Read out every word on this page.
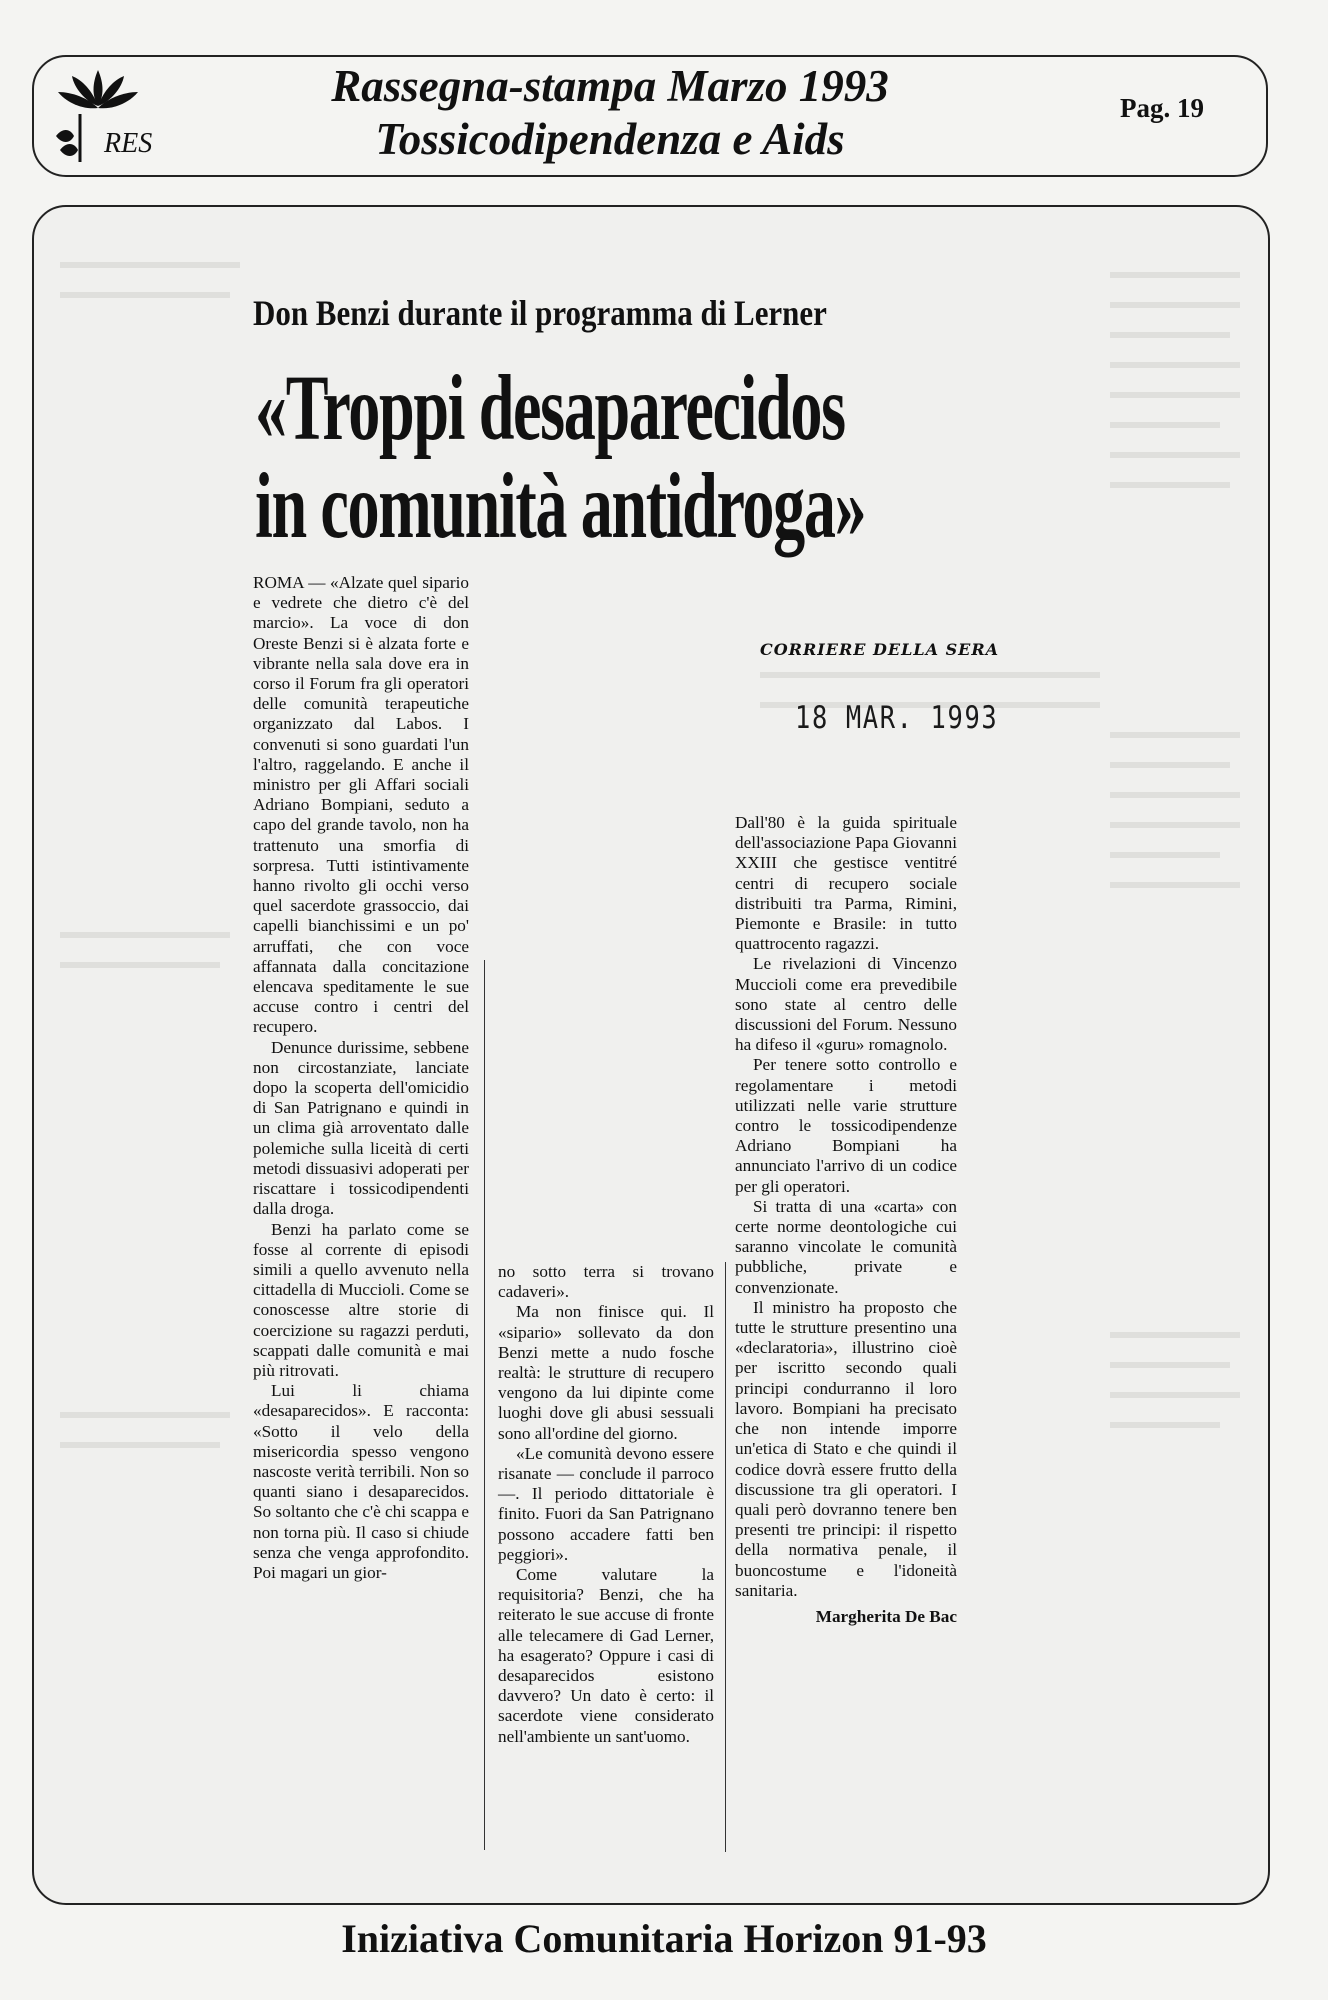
RES
Rassegna-stampa Marzo 1993
Tossicodipendenza e Aids
Pag. 19
Don Benzi durante il programma di Lerner
«Troppi desaparecidos
in comunità antidroga»
CORRIERE DELLA SERA
18 MAR. 1993

ROMA — «Alzate quel sipario e vedrete che dietro c'è del marcio». La voce di don Oreste Benzi si è alzata forte e vibrante nella sala dove era in corso il Forum fra gli operatori delle comunità terapeutiche organizzato dal Labos. I convenuti si sono guardati l'un l'altro, raggelando. E anche il ministro per gli Affari sociali Adriano Bompiani, seduto a capo del grande tavolo, non ha trattenuto una smorfia di sorpresa. Tutti istintivamente hanno rivolto gli occhi verso quel sacerdote grassoccio, dai capelli bianchissimi e un po' arruffati, che con voce affannata dalla concitazione elencava speditamente le sue accuse contro i centri del recupero.

Denunce durissime, sebbene non circostanziate, lanciate dopo la scoperta dell'omicidio di San Patrignano e quindi in un clima già arroventato dalle polemiche sulla liceità di certi metodi dissuasivi adoperati per riscattare i tossicodipendenti dalla droga.

Benzi ha parlato come se fosse al corrente di episodi simili a quello avvenuto nella cittadella di Muccioli. Come se conoscesse altre storie di coercizione su ragazzi perduti, scappati dalle comunità e mai più ritrovati.

Lui li chiama «desaparecidos». E racconta: «Sotto il velo della misericordia spesso vengono nascoste verità terribili. Non so quanti siano i desaparecidos. So soltanto che c'è chi scappa e non torna più. Il caso si chiude senza che venga approfondito. Poi magari un gior-

no sotto terra si trovano cadaveri».

Ma non finisce qui. Il «sipario» sollevato da don Benzi mette a nudo fosche realtà: le strutture di recupero vengono da lui dipinte come luoghi dove gli abusi sessuali sono all'ordine del giorno.

«Le comunità devono essere risanate — conclude il parroco —. Il periodo dittatoriale è finito. Fuori da San Patrignano possono accadere fatti ben peggiori».

Come valutare la requisitoria? Benzi, che ha reiterato le sue accuse di fronte alle telecamere di Gad Lerner, ha esagerato? Oppure i casi di desaparecidos esistono davvero? Un dato è certo: il sacerdote viene considerato nell'ambiente un sant'uomo.

Dall'80 è la guida spirituale dell'associazione Papa Giovanni XXIII che gestisce ventitré centri di recupero sociale distribuiti tra Parma, Rimini, Piemonte e Brasile: in tutto quattrocento ragazzi.

Le rivelazioni di Vincenzo Muccioli come era prevedibile sono state al centro delle discussioni del Forum. Nessuno ha difeso il «guru» romagnolo.

Per tenere sotto controllo e regolamentare i metodi utilizzati nelle varie strutture contro le tossicodipendenze Adriano Bompiani ha annunciato l'arrivo di un codice per gli operatori.

Si tratta di una «carta» con certe norme deontologiche cui saranno vincolate le comunità pubbliche, private e convenzionate.

Il ministro ha proposto che tutte le strutture presentino una «declaratoria», illustrino cioè per iscritto secondo quali principi condurranno il loro lavoro. Bompiani ha precisato che non intende imporre un'etica di Stato e che quindi il codice dovrà essere frutto della discussione tra gli operatori. I quali però dovranno tenere ben presenti tre principi: il rispetto della normativa penale, il buoncostume e l'idoneità sanitaria.

Margherita De Bac

Iniziativa Comunitaria Horizon 91-93
